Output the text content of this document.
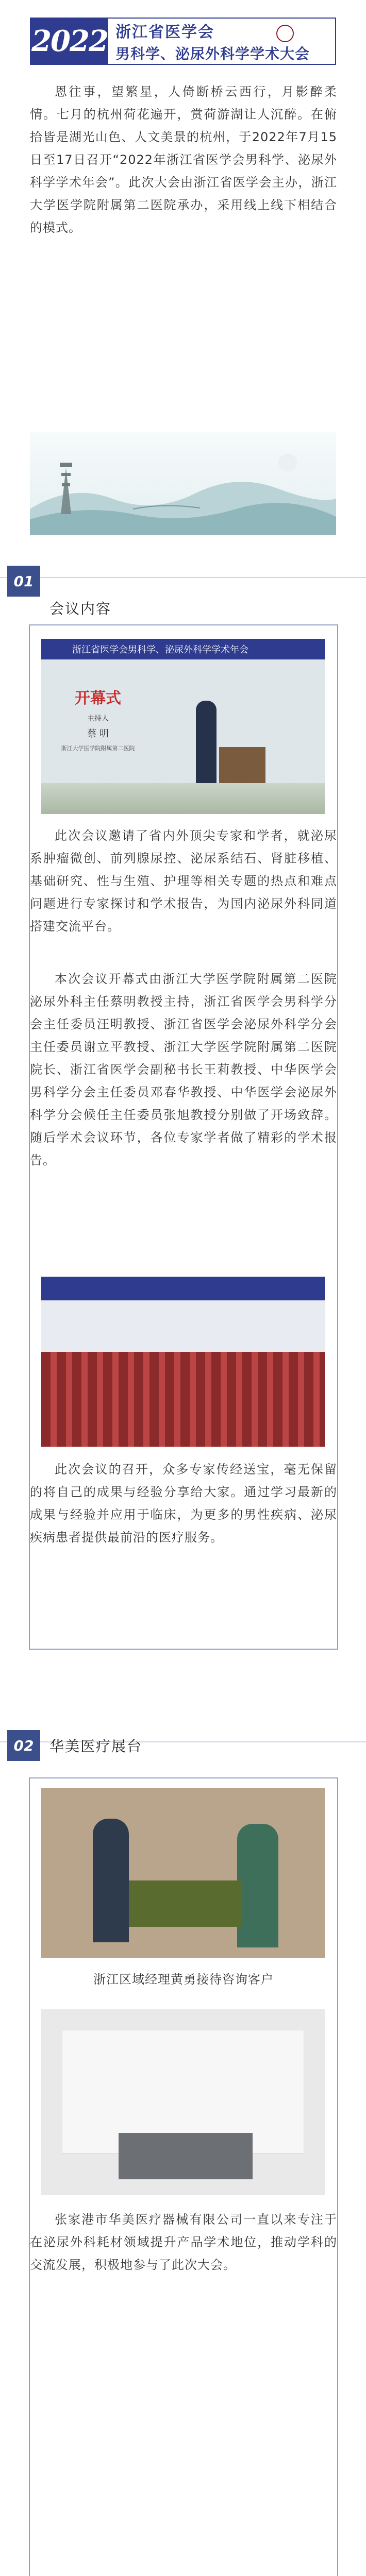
2022 浙江省医学会
男科学、泌尿外科学学术大会
恩往事，望繁星，人倚断桥云西行，月影醉柔情。七月的杭州荷花遍开，赏荷游湖让人沉醉。在俯拾皆是湖光山色、人文美景的杭州，于2022年7月15日至17日召开“2022年浙江省医学会男科学、泌尿外科学学术年会”。此次大会由浙江省医学会主办，浙江大学医学院附属第二医院承办，采用线上线下相结合的模式。
01
会议内容
浙江省医学会男科学、泌尿外科学学术年会
开幕式
主持人
蔡 明
浙江大学医学院附属第二医院
此次会议邀请了省内外顶尖专家和学者，就泌尿系肿瘤微创、前列腺尿控、泌尿系结石、肾脏移植、基础研究、性与生殖、护理等相关专题的热点和难点问题进行专家探讨和学术报告，为国内泌尿外科同道搭建交流平台。
本次会议开幕式由浙江大学医学院附属第二医院泌尿外科主任蔡明教授主持，浙江省医学会男科学分会主任委员汪明教授、浙江省医学会泌尿外科学分会主任委员谢立平教授、浙江大学医学院附属第二医院院长、浙江省医学会副秘书长王莉教授、中华医学会男科学分会主任委员邓春华教授、中华医学会泌尿外科学分会候任主任委员张旭教授分别做了开场致辞。随后学术会议环节，各位专家学者做了精彩的学术报告。
此次会议的召开，众多专家传经送宝，毫无保留的将自己的成果与经验分享给大家。通过学习最新的成果与经验并应用于临床，为更多的男性疾病、泌尿疾病患者提供最前沿的医疗服务。
02	华美医疗展台
浙江区域经理黄勇接待咨询客户
张家港市华美医疗器械有限公司一直以来专注于在泌尿外科耗材领域提升产品学术地位，推动学科的交流发展，积极地参与了此次大会。
